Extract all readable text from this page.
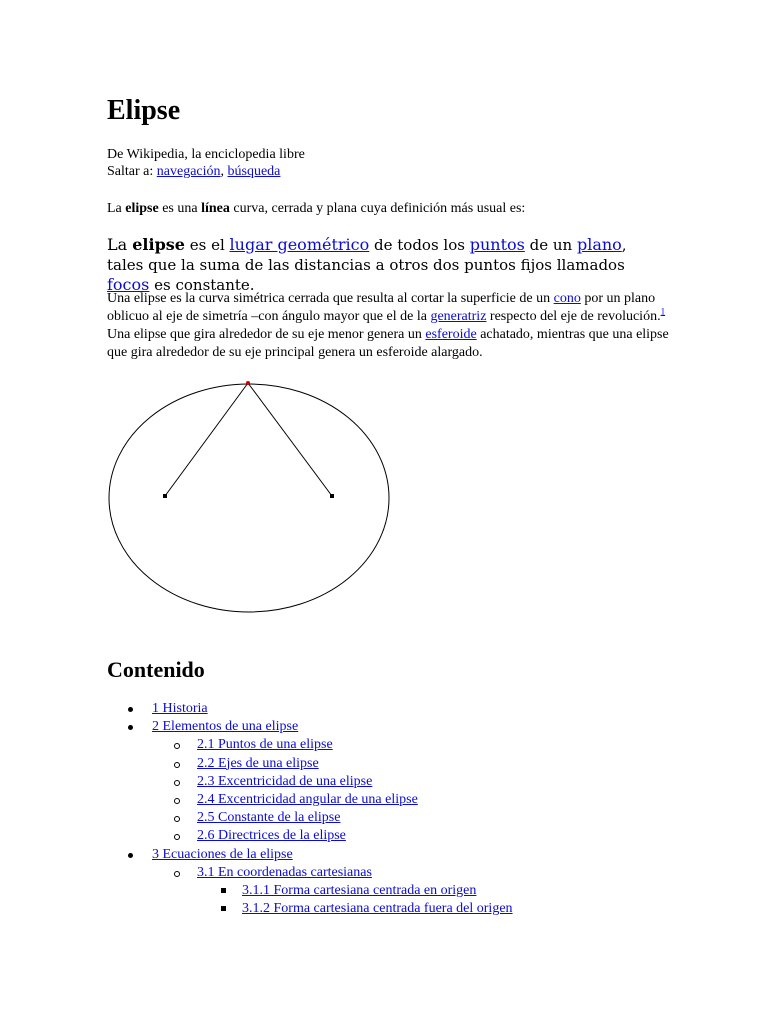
Elipse
De Wikipedia, la enciclopedia libre
Saltar a: navegación, búsqueda
La elipse es una línea curva, cerrada y plana cuya definición más usual es:
La elipse es el lugar geométrico de todos los puntos de un plano, tales que la suma de las distancias a otros dos puntos fijos llamados focos es constante.
Una elipse es la curva simétrica cerrada que resulta al cortar la superficie de un cono por un plano oblicuo al eje de simetría –con ángulo mayor que el de la generatriz respecto del eje de revolución.$^1$ Una elipse que gira alrededor de su eje menor genera un esferoide achatado, mientras que una elipse que gira alrededor de su eje principal genera un esferoide alargado.
Contenido
1 Historia
2 Elementos de una elipse
2.1 Puntos de una elipse
2.2 Ejes de una elipse
2.3 Excentricidad de una elipse
2.4 Excentricidad angular de una elipse
2.5 Constante de la elipse
2.6 Directrices de la elipse
3 Ecuaciones de la elipse
3.1 En coordenadas cartesianas
3.1.1 Forma cartesiana centrada en origen
3.1.2 Forma cartesiana centrada fuera del origen
